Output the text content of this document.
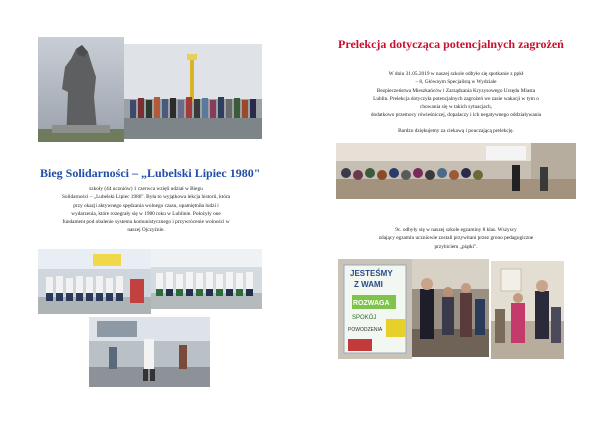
Bieg Solidarności – „Lubelski Lipiec 1980"
szkoły (44 uczniów) 1 czerwca wzięli udział w Biegu
Solidarności – „Lubelski Lipiec 1980". Była to wyjątkowa lekcja historii, która
przy okazji aktywnego spędzania wolnego czasu, upamiętniła ludzi i
wydarzenia, które rozegrały się w 1980 roku w Lublinie. Położyły one
fundament pod obalenie systemu komunistycznego i przywrócenie wolności w
naszej Ojczyźnie.
Prelekcja dotycząca potencjalnych zagrożeń
W dniu 31.05.2019 w naszej szkole odbyło się spotkanie z ppkł
– 8, Głównym Specjalistą w Wydziale
Bezpieczeństwa Mieszkańców i Zarządzania Kryzysowego Urzędu Miasta
Lublin. Prelekcja dotyczyła potencjalnych zagrożeń we zasie wakacji w tym o
chowania się w takich sytuacjach,
dodatkowo przemocy rówieśniczej, dopalaczy i ich negatywnego oddziaływania
Bardzo dziękujemy za ciekawą i pouczającą prelekcję.
9c. odbyły się w naszej szkole egzaminy 8 klas. Wszyscy
zdający egzamin uczniowie zostali przywitani przez grono pedagogiczne
przybiciem „piątki".
JESTEŚMY
Z WAMI
ROZWAGA
SPOKÓJ
POWODZENIA
